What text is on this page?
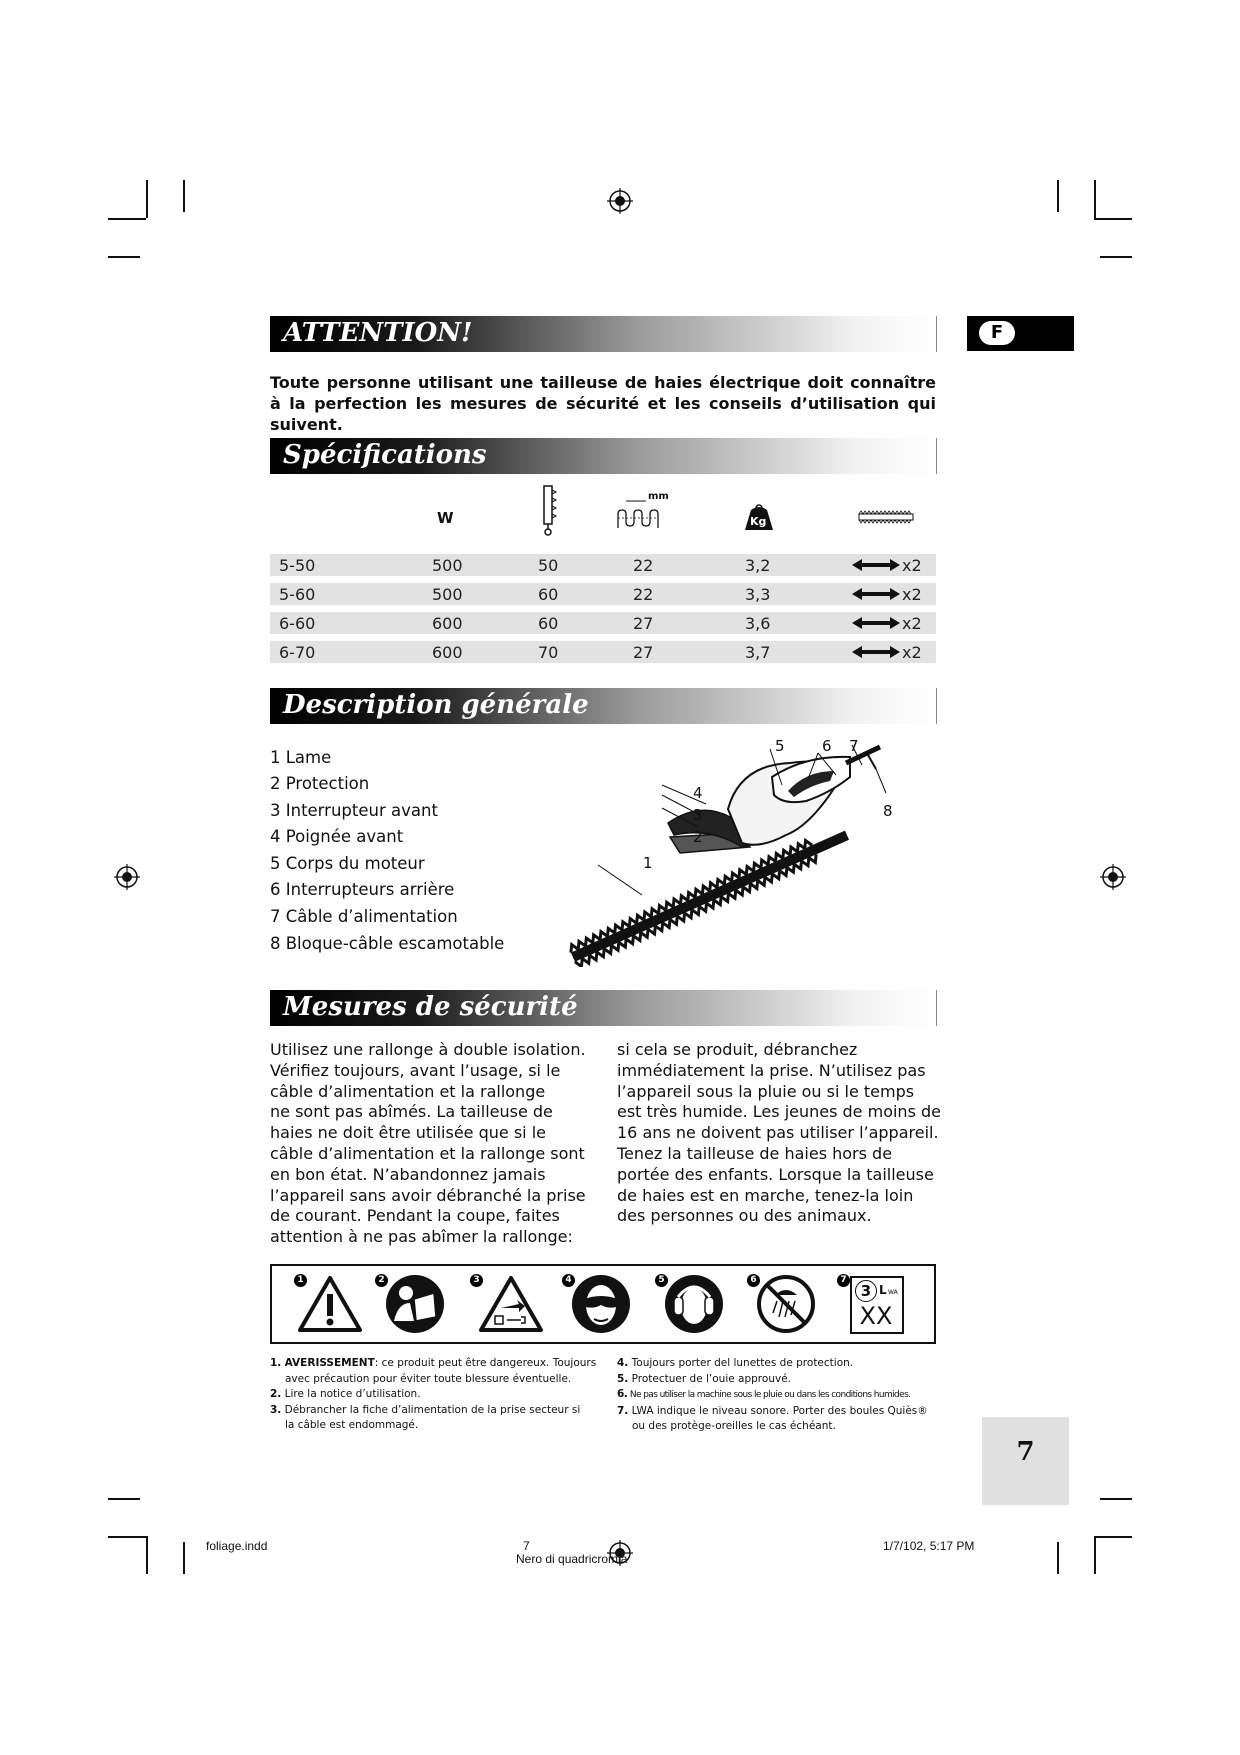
F
ATTENTION!
Toute personne utilisant une tailleuse de haies électrique doit connaître à la perfection les mesures de sécurité et les conseils d’utilisation qui suivent.
Spécifications
W
mm
Kg
5-50	500	50	22	3,2	x2
5-60	500	60	22	3,3	x2
6-60	600	60	27	3,6	x2
6-70	600	70	27	3,7	x2
Description générale
1 Lame
2 Protection
3 Interrupteur avant
4 Poignée avant
5 Corps du moteur
6 Interrupteurs arrière
7 Câble d’alimentation
8 Bloque-câble escamotable
1
2
3
4
5 6 7
8
Mesures de sécurité
Utilisez une rallonge à double isolation.
Vérifiez toujours, avant l’usage, si le
câble d’alimentation et la rallonge
ne sont pas abîmés. La tailleuse de
haies ne doit être utilisée que si le
câble d’alimentation et la rallonge sont
en bon état. N’abandonnez jamais
l’appareil sans avoir débranché la prise
de courant. Pendant la coupe, faites
attention à ne pas abîmer la rallonge:
si cela se produit, débranchez
immédiatement la prise. N’utilisez pas
l’appareil sous la pluie ou si le temps
est très humide. Les jeunes de moins de
16 ans ne doivent pas utiliser l’appareil.
Tenez la tailleuse de haies hors de
portée des enfants. Lorsque la tailleuse
de haies est en marche, tenez-la loin
des personnes ou des animaux.
1	2	3	4	5	6	7
3 L WA
XX
1. AVERISSEMENT: ce produit peut être dangereux. Toujours
avec précaution pour éviter toute blessure éventuelle.
2. Lire la notice d’utilisation.
3. Débrancher la fiche d’alimentation de la prise secteur si
la câble est endommagé.
4. Toujours porter del lunettes de protection.
5. Protectuer de l’ouie approuvé.
6. Ne pas utiliser la machine sous le pluie ou dans les conditions humides.
7. LWA indique le niveau sonore. Porter des boules Quiès®
ou des protège-oreilles le cas échéant.
7
foliage.indd	7
Nero di quadricromia
1/7/102, 5:17 PM
